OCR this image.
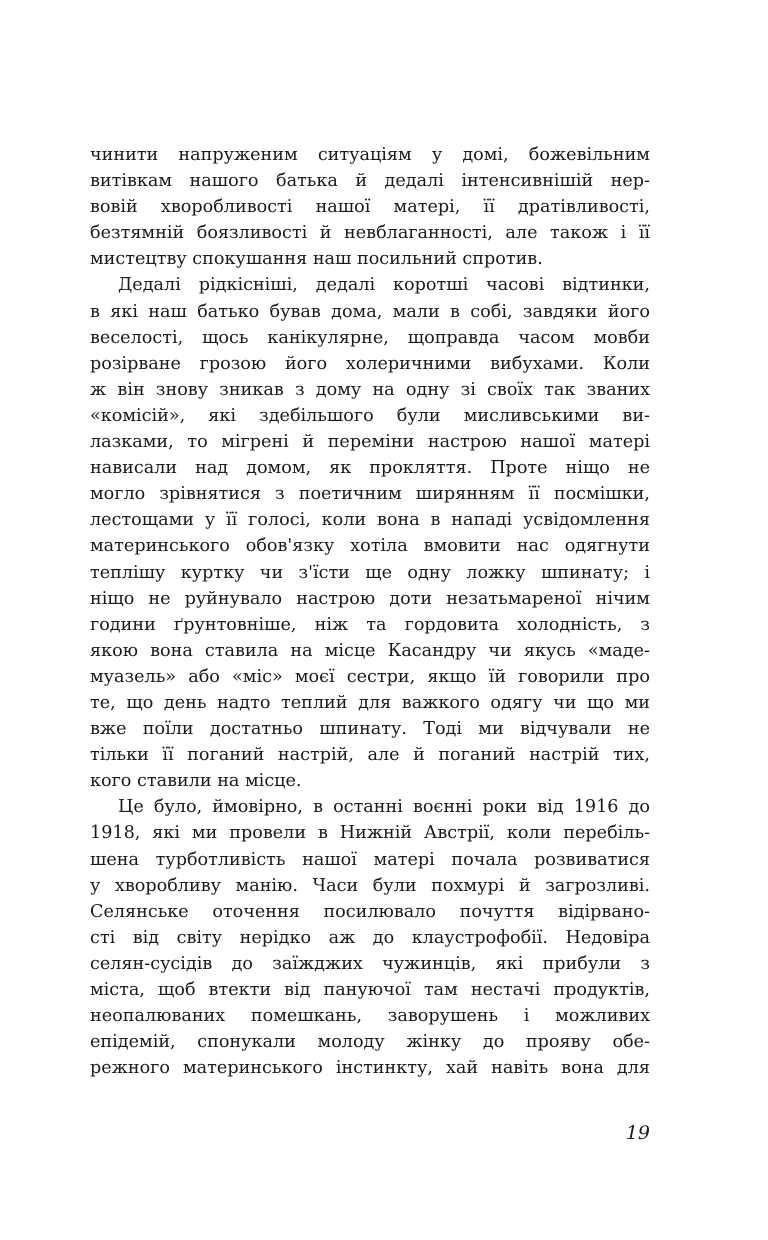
чинити напруженим ситуаціям у домі, божевільним
витівкам нашого батька й дедалі інтенсивнішій нер-
вовій хворобливості нашої матері, її дратівливості,
безтямній боязливості й невблаганності, але також і її
мистецтву спокушання наш посильний спротив.
Дедалі рідкісніші, дедалі коротші часові відтинки,
в які наш батько бував дома, мали в собі, завдяки його
веселості, щось канікулярне, щоправда часом мовби
розірване грозою його холеричними вибухами. Коли
ж він знову зникав з дому на одну зі своїх так званих
«комісій», які здебільшого були мисливськими ви-
лазками, то мігрені й переміни настрою нашої матері
нависали над домом, як прокляття. Проте ніщо не
могло зрівнятися з поетичним ширянням її посмішки,
лестощами у її голосі, коли вона в нападі усвідомлення
материнського обов'язку хотіла вмовити нас одягнути
теплішу куртку чи з'їсти ще одну ложку шпинату; і
ніщо не руйнувало настрою доти незатьмареної нічим
години ґрунтовніше, ніж та гордовита холодність, з
якою вона ставила на місце Касандру чи якусь «маде-
муазель» або «міс» моєї сестри, якщо їй говорили про
те, що день надто теплий для важкого одягу чи що ми
вже поїли достатньо шпинату. Тоді ми відчували не
тільки її поганий настрій, але й поганий настрій тих,
кого ставили на місце.
Це було, ймовірно, в останні воєнні роки від 1916 до
1918, які ми провели в Нижній Австрії, коли перебіль-
шена турботливість нашої матері почала розвиватися
у хворобливу манію. Часи були похмурі й загрозливі.
Селянське оточення посилювало почуття відірвано-
сті від світу нерідко аж до клаустрофобії. Недовіра
селян-сусідів до заїжджих чужинців, які прибули з
міста, щоб втекти від пануючої там нестачі продуктів,
неопалюваних помешкань, заворушень і можливих
епідемій, спонукали молоду жінку до прояву обе-
режного материнського інстинкту, хай навіть вона для
19
